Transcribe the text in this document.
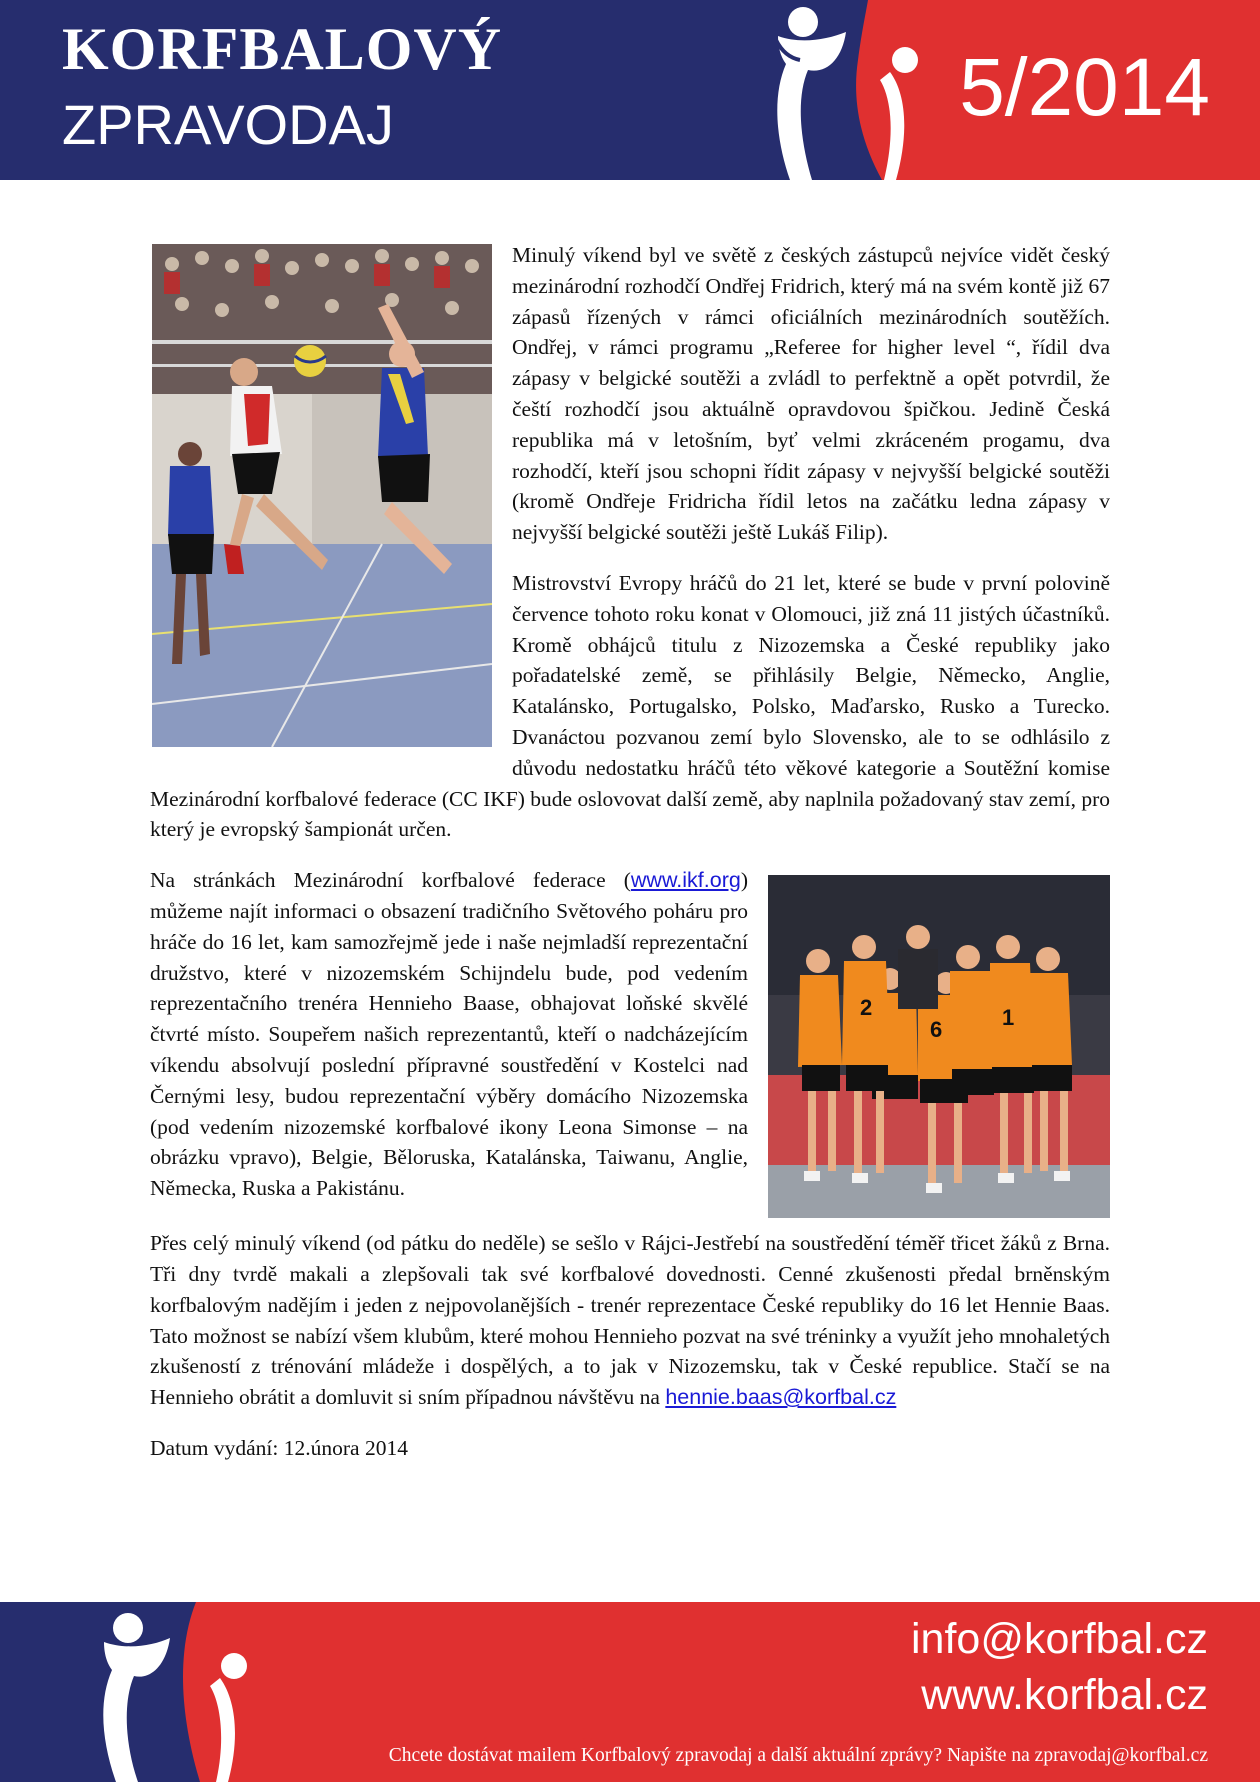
KORFBALOVÝ
ZPRAVODAJ	5/2014

Minulý víkend byl ve světě z českých zástupců nejvíce vidět český mezinárodní rozhodčí Ondřej Fridrich, který má na svém kontě již 67 zápasů řízených v rámci oficiálních mezinárodních soutěžích. Ondřej, v rámci programu „Referee for higher level “, řídil dva zápasy v belgické soutěži a zvládl to perfektně a opět potvrdil, že čeští rozhodčí jsou aktuálně opravdovou špičkou. Jedině Česká republika má v letošním, byť velmi zkráceném progamu, dva rozhodčí, kteří jsou schopni řídit zápasy v nejvyšší belgické soutěži (kromě Ondřeje Fridricha řídil letos na začátku ledna zápasy v nejvyšší belgické soutěži ještě Lukáš Filip).

Mistrovství Evropy hráčů do 21 let, které se bude v první polovině července tohoto roku konat v Olomouci, již zná 11 jistých účastníků. Kromě obhájců titulu z Nizozemska a České republiky jako pořadatelské země, se přihlásily Belgie, Německo, Anglie, Katalánsko, Portugalsko, Polsko, Maďarsko, Rusko a Turecko. Dvanáctou pozvanou zemí bylo Slovensko, ale to se odhlásilo z důvodu nedostatku hráčů této věkové kategorie a Soutěžní komise Mezinárodní korfbalové federace (CC IKF) bude oslovovat další země, aby naplnila požadovaný stav zemí, pro který je evropský šampionát určen.

2
6	1

Na stránkách Mezinárodní korfbalové federace (www.ikf.org) můžeme najít informaci o obsazení tradičního Světového poháru pro hráče do 16 let, kam samozřejmě jede i naše nejmladší reprezentační družstvo, které v nizozemském Schijndelu bude, pod vedením reprezentačního trenéra Hennieho Baase, obhajovat loňské skvělé čtvrté místo. Soupeřem našich reprezentantů, kteří o nadcházejícím víkendu absolvují poslední přípravné soustředění v Kostelci nad Černými lesy, budou reprezentační výběry domácího Nizozemska (pod vedením nizozemské korfbalové ikony Leona Simonse – na obrázku vpravo), Belgie, Běloruska, Katalánska, Taiwanu, Anglie, Německa, Ruska a Pakistánu.

Přes celý minulý víkend (od pátku do neděle) se sešlo v Rájci-Jestřebí na soustředění téměř třicet žáků z Brna. Tři dny tvrdě makali a zlepšovali tak své korfbalové dovednosti. Cenné zkušenosti předal brněnským korfbalovým nadějím i jeden z nejpovolanějších - trenér reprezentace České republiky do 16 let Hennie Baas. Tato možnost se nabízí všem klubům, které mohou Hennieho pozvat na své tréninky a využít jeho mnohaletých zkušeností z trénování mládeže i dospělých, a to jak v Nizozemsku, tak v České republice. Stačí se na Hennieho obrátit a domluvit si sním případnou návštěvu na hennie.baas@korfbal.cz

Datum vydání: 12.února 2014

info@korfbal.cz
www.korfbal.cz
Chcete dostávat mailem Korfbalový zpravodaj a další aktuální zprávy? Napište na zpravodaj@korfbal.cz
